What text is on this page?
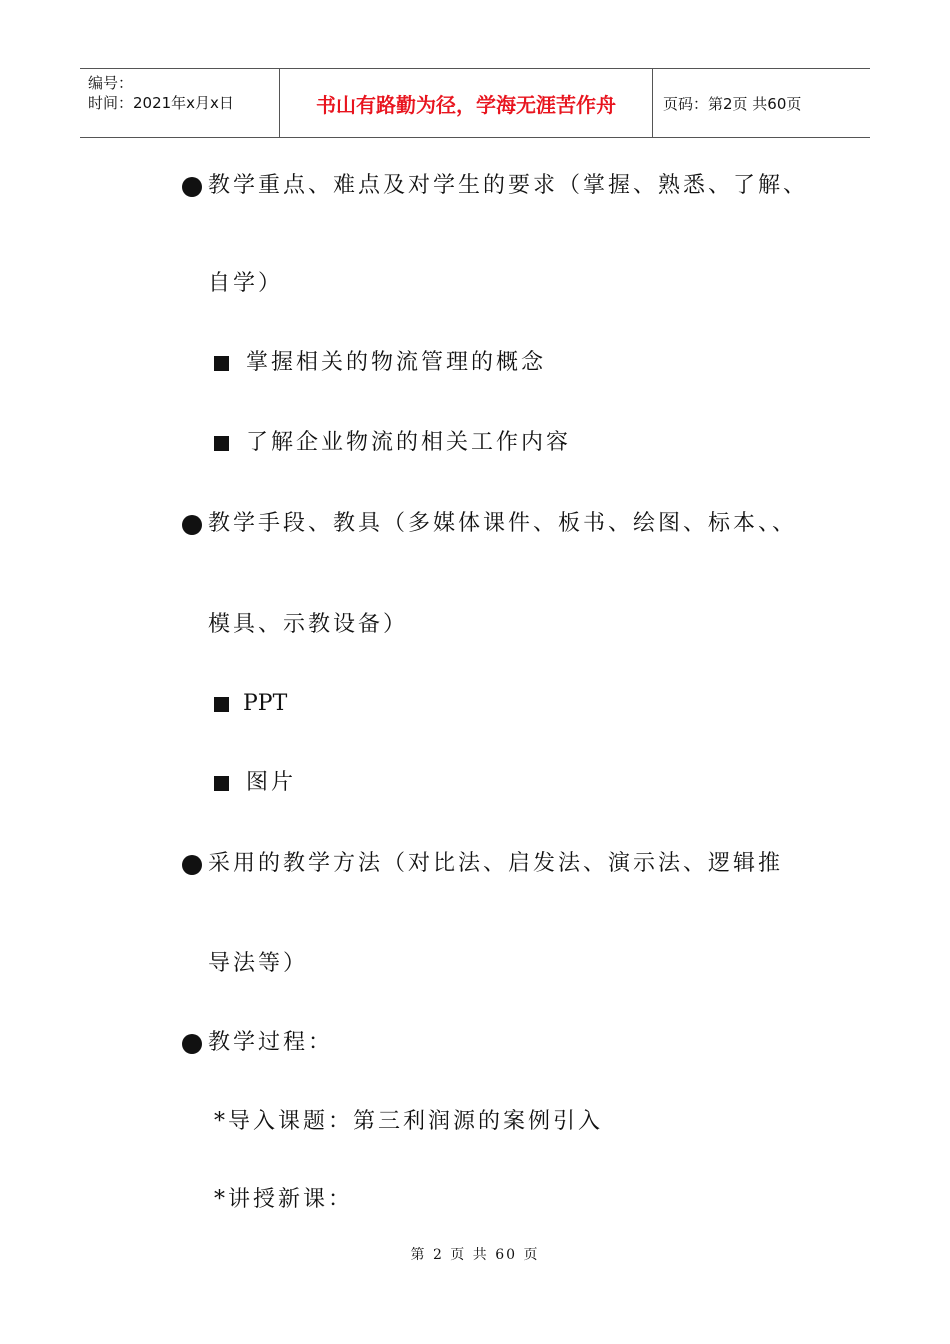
编号：
时间：2021年x月x日	书山有路勤为径，学海无涯苦作舟	页码：第2页 共60页
教学重点、难点及对学生的要求（掌握、熟悉、了解、
自学）
掌握相关的物流管理的概念
了解企业物流的相关工作内容
教学手段、教具（多媒体课件、板书、绘图、标本、、
模具、示教设备）
PPT
图片
采用的教学方法（对比法、启发法、演示法、逻辑推
导法等）
教学过程：
*导入课题：第三利润源的案例引入
*讲授新课：
第 2 页 共 60 页
